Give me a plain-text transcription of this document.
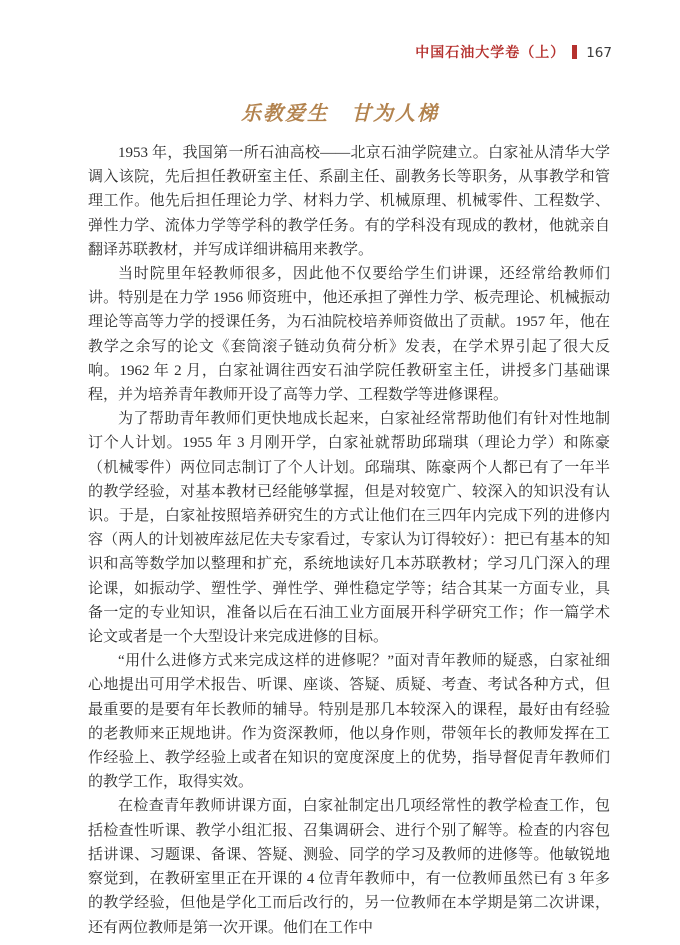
中国石油大学卷（上） 167
乐教爱生　甘为人梯

1953 年，我国第一所石油高校——北京石油学院建立。白家祉从清华大学调入该院，先后担任教研室主任、系副主任、副教务长等职务，从事教学和管理工作。他先后担任理论力学、材料力学、机械原理、机械零件、工程数学、弹性力学、流体力学等学科的教学任务。有的学科没有现成的教材，他就亲自翻译苏联教材，并写成详细讲稿用来教学。

当时院里年轻教师很多，因此他不仅要给学生们讲课，还经常给教师们讲。特别是在力学 1956 师资班中，他还承担了弹性力学、板壳理论、机械振动理论等高等力学的授课任务，为石油院校培养师资做出了贡献。1957 年，他在教学之余写的论文《套筒滚子链动负荷分析》发表，在学术界引起了很大反响。1962 年 2 月，白家祉调往西安石油学院任教研室主任，讲授多门基础课程，并为培养青年教师开设了高等力学、工程数学等进修课程。

为了帮助青年教师们更快地成长起来，白家祉经常帮助他们有针对性地制订个人计划。1955 年 3 月刚开学，白家祉就帮助邱瑞琪（理论力学）和陈豪（机械零件）两位同志制订了个人计划。邱瑞琪、陈豪两个人都已有了一年半的教学经验，对基本教材已经能够掌握，但是对较宽广、较深入的知识没有认识。于是，白家祉按照培养研究生的方式让他们在三四年内完成下列的进修内容（两人的计划被库兹尼佐夫专家看过，专家认为订得较好）：把已有基本的知识和高等数学加以整理和扩充，系统地读好几本苏联教材；学习几门深入的理论课，如振动学、塑性学、弹性学、弹性稳定学等；结合其某一方面专业，具备一定的专业知识，准备以后在石油工业方面展开科学研究工作；作一篇学术论文或者是一个大型设计来完成进修的目标。

“用什么进修方式来完成这样的进修呢？”面对青年教师的疑惑，白家祉细心地提出可用学术报告、听课、座谈、答疑、质疑、考查、考试各种方式，但最重要的是要有年长教师的辅导。特别是那几本较深入的课程，最好由有经验的老教师来正规地讲。作为资深教师，他以身作则，带领年长的教师发挥在工作经验上、教学经验上或者在知识的宽度深度上的优势，指导督促青年教师们的教学工作，取得实效。

在检查青年教师讲课方面，白家祉制定出几项经常性的教学检查工作，包括检查性听课、教学小组汇报、召集调研会、进行个别了解等。检查的内容包括讲课、习题课、备课、答疑、测验、同学的学习及教师的进修等。他敏锐地察觉到，在教研室里正在开课的 4 位青年教师中，有一位教师虽然已有 3 年多的教学经验，但他是学化工而后改行的，另一位教师在本学期是第二次讲课，还有两位教师是第一次开课。他们在工作中
